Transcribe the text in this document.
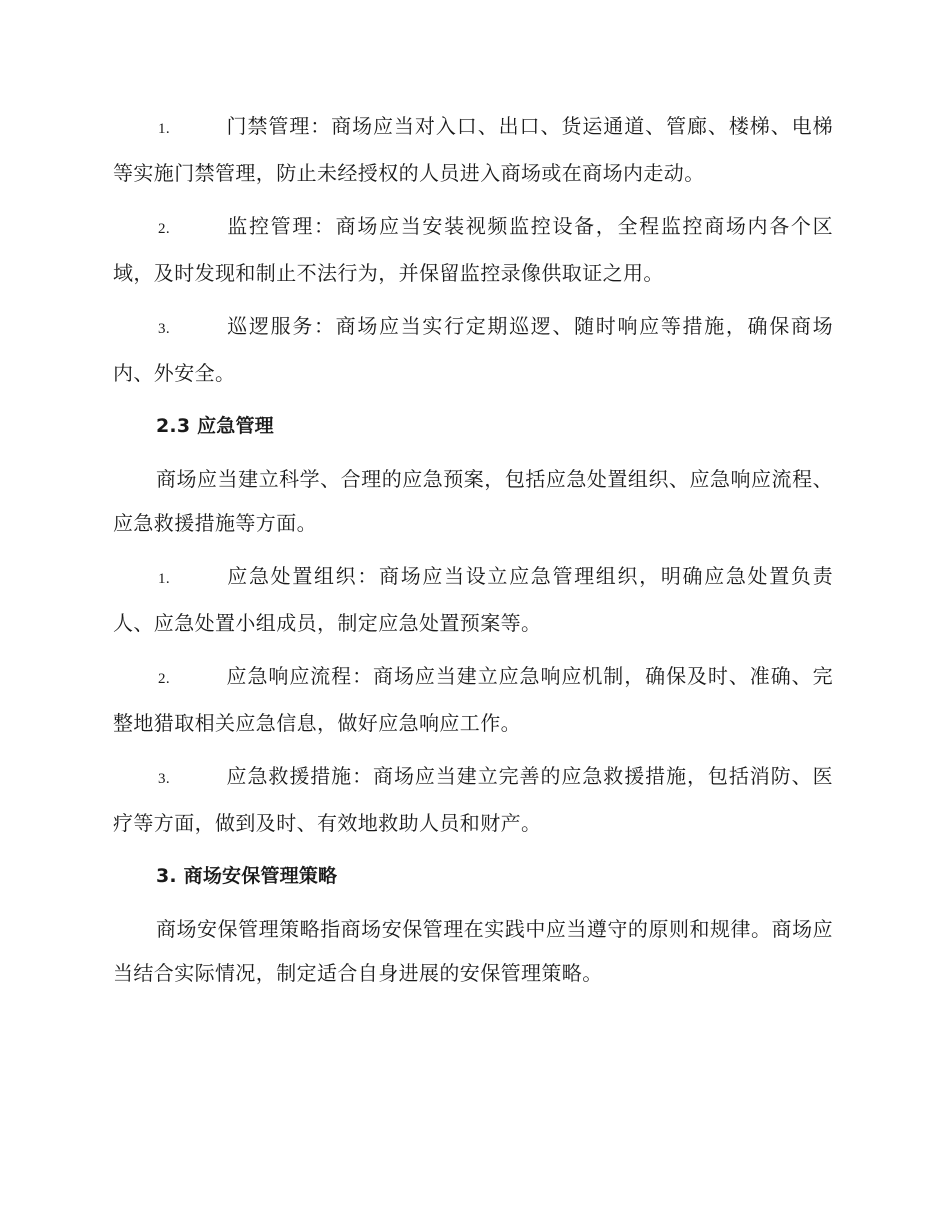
1.	门禁管理：商场应当对入口、出口、货运通道、管廊、楼梯、电梯等实施门禁管理，防止未经授权的人员进入商场或在商场内走动。

2.	监控管理：商场应当安装视频监控设备，全程监控商场内各个区域，及时发现和制止不法行为，并保留监控录像供取证之用。

3.	巡逻服务：商场应当实行定期巡逻、随时响应等措施，确保商场内、外安全。

2.3 应急管理

商场应当建立科学、合理的应急预案，包括应急处置组织、应急响应流程、应急救援措施等方面。

1.	应急处置组织：商场应当设立应急管理组织，明确应急处置负责人、应急处置小组成员，制定应急处置预案等。

2.	应急响应流程：商场应当建立应急响应机制，确保及时、准确、完整地猎取相关应急信息，做好应急响应工作。

3.	应急救援措施：商场应当建立完善的应急救援措施，包括消防、医疗等方面，做到及时、有效地救助人员和财产。

3. 商场安保管理策略

商场安保管理策略指商场安保管理在实践中应当遵守的原则和规律。商场应当结合实际情况，制定适合自身进展的安保管理策略。
